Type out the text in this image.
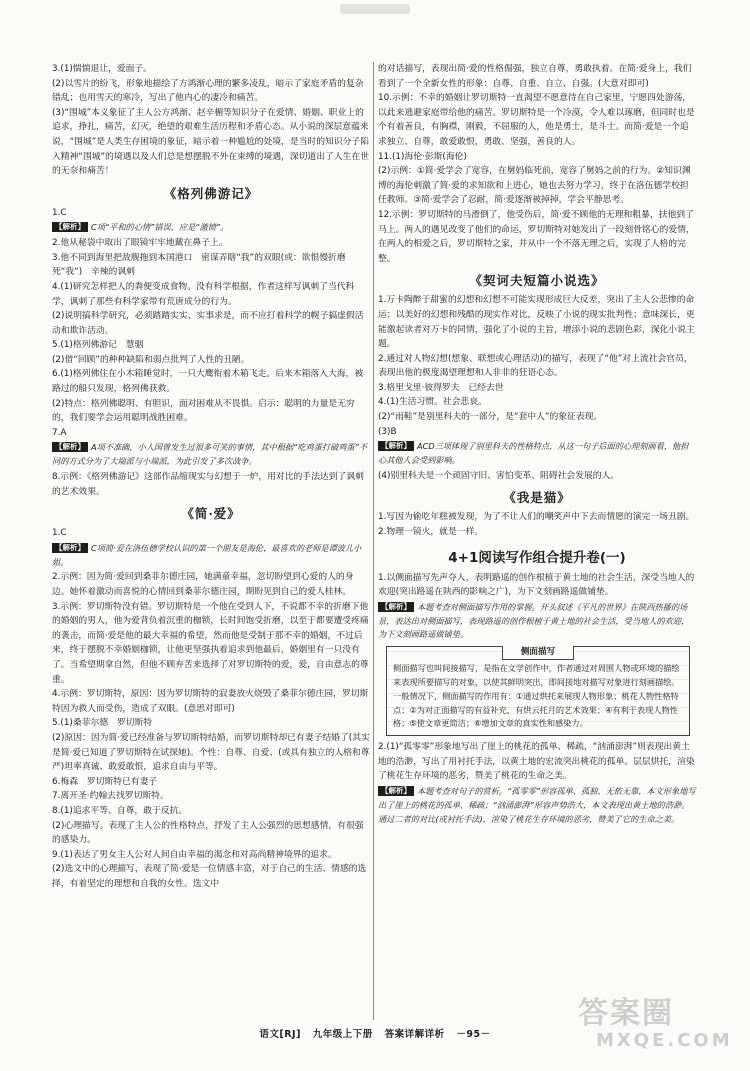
3.(1)惴惴退让，爱面子。

(2)以雪片的纷飞，形象地描绘了方鸿渐心理的繁多凌乱，暗示了家庭矛盾的复杂错乱；也用雪天的寒冷，写出了他内心的凄冷和痛苦。

(3)“围城”本义象征了主人公方鸿渐、赵辛楣等知识分子在爱情、婚姻、职业上的追求，挣扎，痛苦，幻灭，绝望的艰难生活历程和矛盾心态。从小说的深层意蕴来说，“围城”是人类生存困境的象征，暗示着一种尴尬的处境，是当时的知识分子陷入精神“围城”的境遇以及人们总是想摆脱不外在束缚的境遇，深切道出了人生在世的无奈和痛苦！

《格列佛游记》

1.C

【解析】 C项“平和的心情”错误，应是“激愤”。

2.他从秘袋中取出了眼镜牢牢地戴在鼻子上。

3.他不同到海里把敌舰拖到本国港口　密谋弄瞎“我”的双眼(或：欲恨慢折磨死“我”)　辛辣的讽刺

4.(1)研究怎样把人的粪便变成食物。没有科学根据，作者这样写讽刺了当代科学，讽刺了那些有科学家带有荒唐成分的行为。

(2)说明搞科学研究，必须踏踏实实、实事求是，而不应打着科学的幌子搞虚假活动和欺诈活动。

5.(1)格列佛游记　慧骃

(2)借“回顾”的种种缺陷和弱点批判了人性的丑陋。

6.(1)格列佛住在小木箱睡觉时，一只大鹰衔着木箱飞走。后来木箱落入大海，被路过的船只发现，格列佛获救。

(2)特点：格列佛聪明、有胆识，面对困难从不畏惧。启示：聪明的力量是无穷的，我们要学会运用聪明战胜困难。

7.A

【解析】 A项不准确，小人国曾发生过很多可笑的事情，其中根据“吃鸡蛋打破鸡蛋”不同的方式分为了大端派与小端派，为此引发了多次战争。

8.示例：《格列佛游记》这部作品缩现实与幻想于一炉，用对比的手法达到了讽刺的艺术效果。

《简·爱》

1.C

【解析】 C项简·爱在洛伍德学校认识的第一个朋友是海伦，最喜欢的老师是谭波儿小姐。

2.示例：因为简·爱回到桑菲尔德庄园，她满童幸福，忽切盼望到心爱的人的身边。她怀着激动而喜悦的心情回到桑菲尔德庄园，期盼见到自己的爱人桂林。

3.示例：罗切斯特没有错。罗切斯特是一个他在受到人下，不说都不幸的折磨下他的婚姻的男人，他为爱背负着沉重的枷锁，长时间饱受折磨，以至于都要遭受疼痛的袭击，而简·爱是他的最大幸福的希望，然而他是受制于那不幸的婚姻，不过后来，终于摆脱不幸婚姻枷锁，让他更坚强执着追求到他最后，婚姻里有一只没有了。当希望期拿自然，但他不顾弃苦来选择了对罗切斯特的爱，爱，自由意志的尊重。

4.示例：罗切斯特，原因：因为罗切斯特的寂妻放火烧毁了桑菲尔德庄园，罗切斯特因为救人而受伤，造成了双眼。(意思对即可)

5.(1)桑菲尔德　罗切斯特

(2)原因：因为简·爱已经准备与罗切斯特结婚，而罗切斯特却已有妻子结婚了(其实是简·爱已知道了罗切斯特在试探她)。个性：自尊、自爱、(或具有独立的人格和尊严)坦率真诚、敢爱敢恨，追求自由与平等。

6.梅森　罗切斯特已有妻子

7.离开圣·约翰去找罗切斯特。

8.(1)追求平等、自尊，敢于反抗。

(2)心理描写。表现了主人公的性格特点，抒发了主人公强烈的思想感情，有很强的感染力。

9.(1)表达了男女主人公对人间自由幸福的渴念和对高尚精神境界的追求。

(2)选文中的心理描写，表现了简·爱是一位情感丰富，对于自己的生活、情感的选择，有着坚定的理想和自我的女性。选文中

的对话描写，表现出简·爱的性格倔强，独立自尊，勇敢执着。在简·爱身上，我们看到了一个全新女性的形象：自尊、自重、自立、自强。(大意对即可)

10.示例：不幸的婚姻让罗切斯特一直渴望不愿意待在自己家里，宁愿四处游荡，以此来逃避家庭带给他的痛苦。罗切斯特是一个冷漠，令人难以琢磨，但同时也是个有着善良，有胸襟，刚毅，不屈服的人，他是勇士，是斗士。而简·爱是一个追求独立、自尊，敢爱敢恨，勇敢、坚强，善良的人。

11.(1)海伦·彭斯(海伦)

(2)示例：①简·爱学会了宽容，在舅妈临死前，宽容了舅妈之前的行为。②知识渊博的海伦刺激了简·爱的求知欲和上进心，她也去努力学习，终于在洛伍德学校担任教师。③简·爱学会了忍耐，简·爱逐渐被掉掉，学会平静思考。

12.示例：罗切斯特的马滑倒了，他受伤后，简·爱不顾他的无理和粗暴，扶他到了马上。两人的遇见改变了他们的命运，罗切斯特对她发出了一段刻骨铭心的爱情，在两人的相爱之后，罗切斯特之家，并从中一个不落无理之后，实现了人格的完整。

《契诃夫短篇小说选》

1.万卡陶醉于甜蜜的幻想和幻想不可能实现形成巨大反差，突出了主人公悲惨的命运；以美好的幻想和残酷的现实作对比，反映了小说的现实批判性；意味深长，更能激起读者对万卡的同情，强化了小说的主旨，增添小说的悲剧色彩，深化小说主题。

2.通过对人物幻想(想象、联想或心理活动)的描写，表现了“他”对上流社会官员，表现出他的极度渴望理想和人非非的狂语心态。

3.格里戈里·彼得罗夫　已经去世

4.(1)生活习惯。社会悲哀。

(2)“雨鞋”是别里科夫的一部分，是“套中人”的象征表现。

(3)B

【解析】 ACD三项体现了别里科夫的性格特点，从这一句子后面的心理刻画看，他担心其他人会受到影响。

(4)别里科夫是一个顽固守旧、害怕变革、阻碍社会发展的人。

《我是猫》

1.写因为偷吃年糕被发现，为了不让人们的嘲笑声中下去而情愿的演完一场丑剧。

2.物理一镜火，就是一样。

4+1阅读写作组合提升卷(一)

1.以侧面描写先声夺人，表明路遥的创作根植于黄土地的社会生活，深受当地人的欢迎(突出路遥在陕西的影响之广)，为下文刻画路遥做铺垫。

【解析】 本题考查对侧面描写作用的掌握。开头叙述《平凡的世界》在陕西热播的场景，表达出对侧面描写，表现路遥的创作根植于黄土地的社会生活，受当地人的欢迎，为下文刻画路遥做铺垫。

侧面描写

侧面描写也叫间接描写，是指在文学创作中，作者通过对周围人物或环境的描绘来表现所要描写的对象，以使其鲜明突出，即间接地对描写对象进行刻画描绘。一般情况下，侧面描写的作用有：①通过烘托来展现人物形象；桃花人物性格特点；②为对正面描写的有益补充，有烘云托月的艺术效果；④有利于表现人物性格；⑤使文章更简洁；⑥增加文章的真实性和感染力。

2.(1)“孤零零”形象地写出了崖上的桃花的孤单、稀疏，“汹涌澎湃”则表现出黄土地的浩渺，写出了用衬托手法，以黄土地的宏流突出桃花的孤单。层层烘托，渲染了桃花生存环境的恶劣，赞美了桃花的生命之美。

【解析】 本题考查对句子的赏析。“孤零零”形容孤单、孤独、无依无靠，本文形象地写出了崖上的桃花的孤单、稀疏；“汹涌澎湃”形容声势浩大，本文表现出黄土地的浩渺。通过二者的对比(或衬托手法)，渲染了桃花生存环境的恶劣，赞美了它的生命之美。

语文[RJ] 九年级上下册 答案详解详析 －95－
答案圈
MXQE.COM
